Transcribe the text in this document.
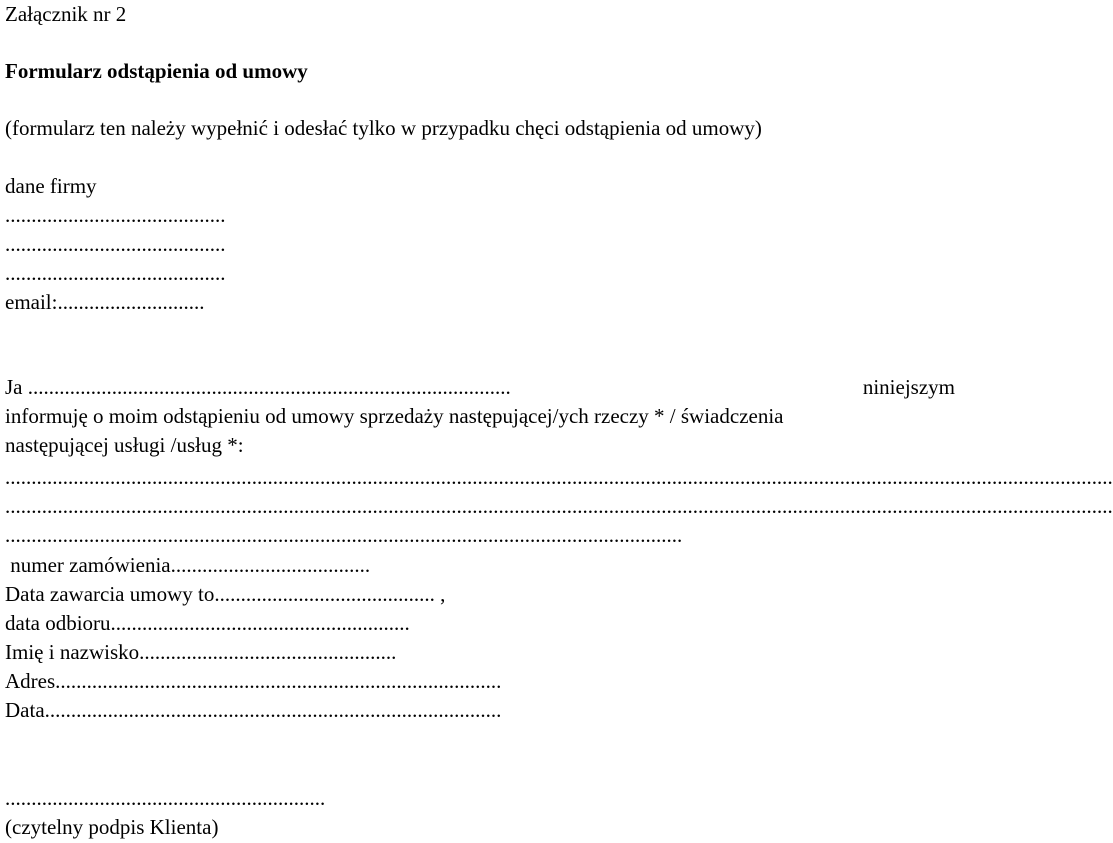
Załącznik nr 2
Formularz odstąpienia od umowy
(formularz ten należy wypełnić i odesłać tylko w przypadku chęci odstąpienia od umowy)
dane firmy
..........................................
..........................................
..........................................
email:............................
Ja ............................................................................................	niniejszym
informuję o moim odstąpieniu od umowy sprzedaży następującej/ych rzeczy * / świadczenia
następującej usługi /usług *:
...................................................................................................................................................................................................................
...................................................................................................................................................................................................................
.................................................................................................................................
numer zamówienia......................................
Data zawarcia umowy to.......................................... ,
data odbioru.........................................................
Imię i nazwisko.................................................
Adres.....................................................................................
Data.......................................................................................
.............................................................
(czytelny podpis Klienta)
